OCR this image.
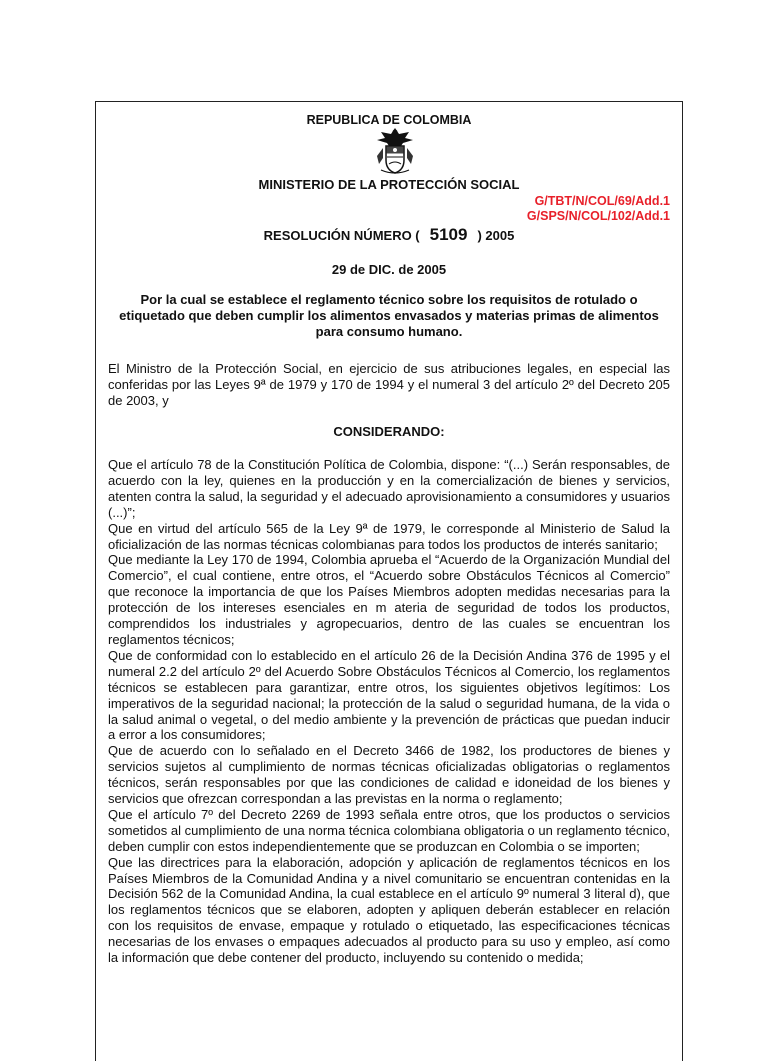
REPUBLICA DE COLOMBIA
MINISTERIO DE LA PROTECCIÓN SOCIAL
G/TBT/N/COL/69/Add.1
G/SPS/N/COL/102/Add.1
RESOLUCIÓN NÚMERO ( 5109 ) 2005
29 de DIC. de 2005
Por la cual se establece el reglamento técnico sobre los requisitos de rotulado o etiquetado que deben cumplir los alimentos envasados y materias primas de alimentos para consumo humano.
El Ministro de la Protección Social, en ejercicio de sus atribuciones legales, en especial las conferidas por las Leyes 9ª de 1979 y 170 de 1994 y el numeral 3 del artículo 2º del Decreto 205 de 2003, y
CONSIDERANDO:

Que el artículo 78 de la Constitución Política de Colombia, dispone: “(...) Serán responsables, de acuerdo con la ley, quienes en la producción y en la comercialización de bienes y servicios, atenten contra la salud, la seguridad y el adecuado aprovisionamiento a consumidores y usuarios (...)”;

Que en virtud del artículo 565 de la Ley 9ª de 1979, le corresponde al Ministerio de Salud la oficialización de las normas técnicas colombianas para todos los productos de interés sanitario;

Que mediante la Ley 170 de 1994, Colombia aprueba el “Acuerdo de la Organización Mundial del Comercio”, el cual contiene, entre otros, el “Acuerdo sobre Obstáculos Técnicos al Comercio” que reconoce la importancia de que los Países Miembros adopten medidas necesarias para la protección de los intereses esenciales en m ateria de seguridad de todos los productos, comprendidos los industriales y agropecuarios, dentro de las cuales se encuentran los reglamentos técnicos;

Que de conformidad con lo establecido en el artículo 26 de la Decisión Andina 376 de 1995 y el numeral 2.2 del artículo 2º del Acuerdo Sobre Obstáculos Técnicos al Comercio, los reglamentos técnicos se establecen para garantizar, entre otros, los siguientes objetivos legítimos: Los imperativos de la seguridad nacional; la protección de la salud o seguridad humana, de la vida o la salud animal o vegetal, o del medio ambiente y la prevención de prácticas que puedan inducir a error a los consumidores;

Que de acuerdo con lo señalado en el Decreto 3466 de 1982, los productores de bienes y servicios sujetos al cumplimiento de normas técnicas oficializadas obligatorias o reglamentos técnicos, serán responsables por que las condiciones de calidad e idoneidad de los bienes y servicios que ofrezcan correspondan a las previstas en la norma o reglamento;

Que el artículo 7º del Decreto 2269 de 1993 señala entre otros, que los productos o servicios sometidos al cumplimiento de una norma técnica colombiana obligatoria o un reglamento técnico, deben cumplir con estos independientemente que se produzcan en Colombia o se importen;

Que las directrices para la elaboración, adopción y aplicación de reglamentos técnicos en los Países Miembros de la Comunidad Andina y a nivel comunitario se encuentran contenidas en la Decisión 562 de la Comunidad Andina, la cual establece en el artículo 9º numeral 3 literal d), que los reglamentos técnicos que se elaboren, adopten y apliquen deberán establecer en relación con los requisitos de envase, empaque y rotulado o etiquetado, las especificaciones técnicas necesarias de los envases o empaques adecuados al producto para su uso y empleo, así como la información que debe contener del producto, incluyendo su contenido o medida;
